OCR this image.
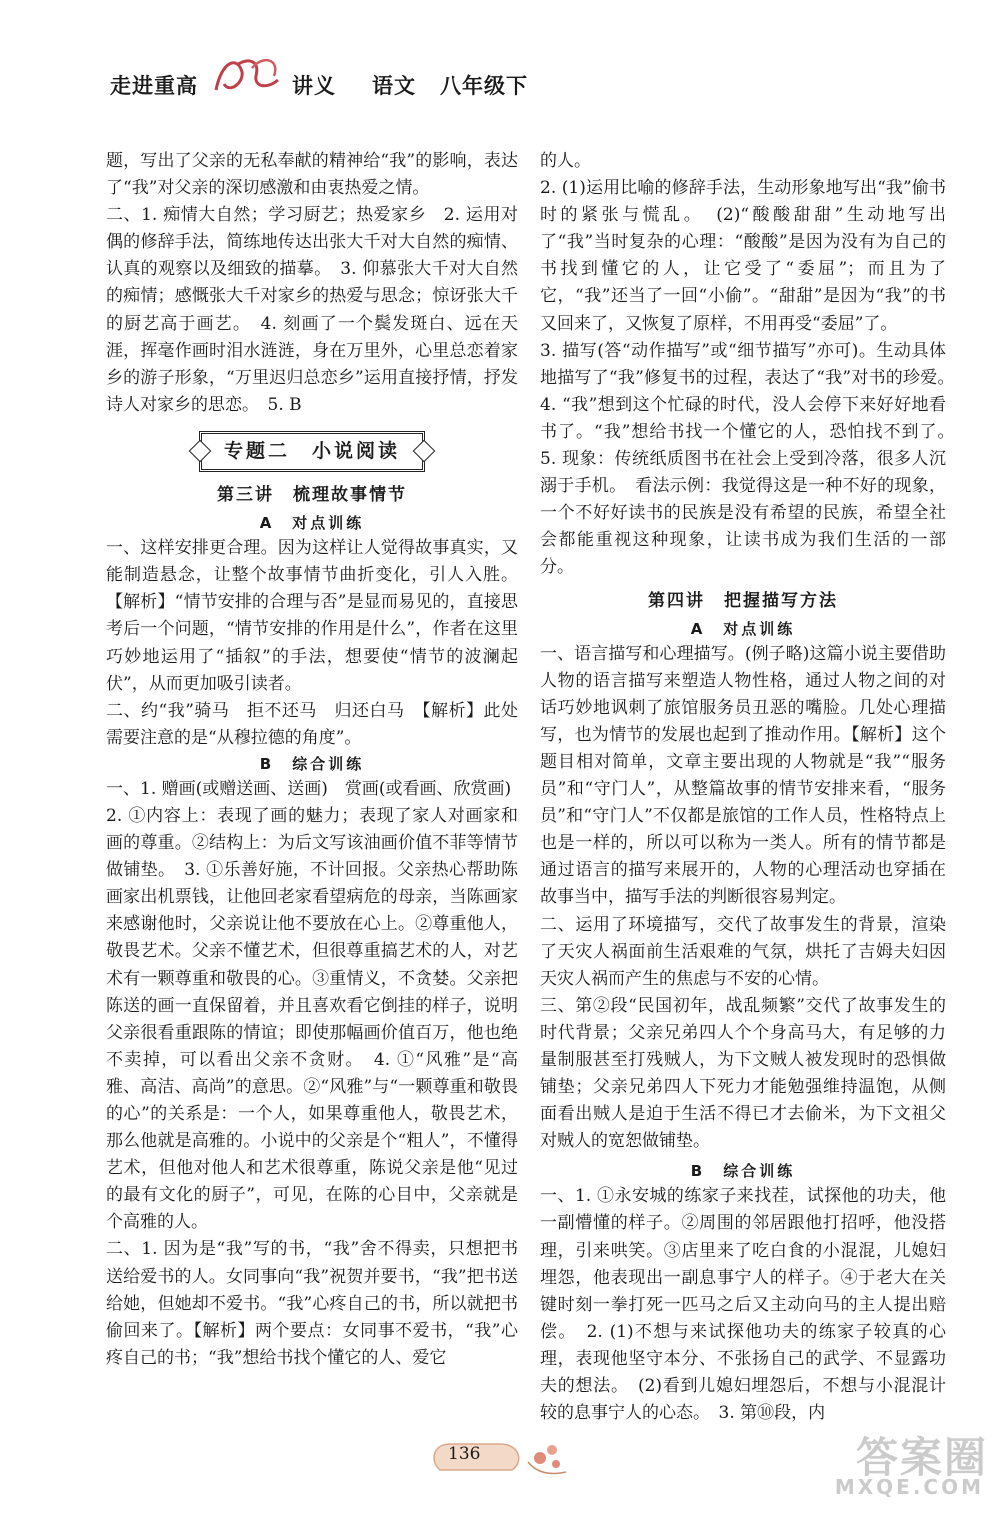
走进重高	讲义 语文 八年级下

题，写出了父亲的无私奉献的精神给“我”的影响，表达了“我”对父亲的深切感激和由衷热爱之情。

二、1. 痴情大自然；学习厨艺；热爱家乡　2. 运用对偶的修辞手法，简练地传达出张大千对大自然的痴情、认真的观察以及细致的描摹。　3. 仰慕张大千对大自然的痴情；感慨张大千对家乡的热爱与思念；惊讶张大千的厨艺高于画艺。　4. 刻画了一个鬓发斑白、远在天涯，挥毫作画时泪水涟涟，身在万里外，心里总恋着家乡的游子形象，“万里迟归总恋乡”运用直接抒情，抒发诗人对家乡的思恋。　5. B

专题二　小说阅读
第三讲　梳理故事情节
A　对点训练

一、这样安排更合理。因为这样让人觉得故事真实，又能制造悬念，让整个故事情节曲折变化，引人入胜。【解析】“情节安排的合理与否”是显而易见的，直接思考后一个问题，“情节安排的作用是什么”，作者在这里巧妙地运用了“插叙”的手法，想要使“情节的波澜起伏”，从而更加吸引读者。

二、约“我”骑马　拒不还马　归还白马　【解析】此处需要注意的是“从穆拉德的角度”。

B　综合训练

一、1. 赠画(或赠送画、送画)　赏画(或看画、欣赏画)

2. ①内容上：表现了画的魅力；表现了家人对画家和画的尊重。②结构上：为后文写该油画价值不菲等情节做铺垫。　3. ①乐善好施，不计回报。父亲热心帮助陈画家出机票钱，让他回老家看望病危的母亲，当陈画家来感谢他时，父亲说让他不要放在心上。②尊重他人，敬畏艺术。父亲不懂艺术，但很尊重搞艺术的人，对艺术有一颗尊重和敬畏的心。③重情义，不贪婪。父亲把陈送的画一直保留着，并且喜欢看它倒挂的样子，说明父亲很看重跟陈的情谊；即使那幅画价值百万，他也绝不卖掉，可以看出父亲不贪财。　4. ①“风雅”是“高雅、高洁、高尚”的意思。②“风雅”与“一颗尊重和敬畏的心”的关系是：一个人，如果尊重他人，敬畏艺术，那么他就是高雅的。小说中的父亲是个“粗人”，不懂得艺术，但他对他人和艺术很尊重，陈说父亲是他“见过的最有文化的厨子”，可见，在陈的心目中，父亲就是个高雅的人。

二、1. 因为是“我”写的书，“我”舍不得卖，只想把书送给爱书的人。女同事向“我”祝贺并要书，“我”把书送给她，但她却不爱书。“我”心疼自己的书，所以就把书偷回来了。【解析】两个要点：女同事不爱书，“我”心疼自己的书；“我”想给书找个懂它的人、爱它

的人。

2. (1)运用比喻的修辞手法，生动形象地写出“我”偷书时的紧张与慌乱。　(2)“酸酸甜甜”生动地写出了“我”当时复杂的心理：“酸酸”是因为没有为自己的书找到懂它的人，让它受了“委屈”；而且为了它，“我”还当了一回“小偷”。“甜甜”是因为“我”的书又回来了，又恢复了原样，不用再受“委屈”了。

3. 描写(答“动作描写”或“细节描写”亦可)。生动具体地描写了“我”修复书的过程，表达了“我”对书的珍爱。　4. “我”想到这个忙碌的时代，没人会停下来好好地看书了。“我”想给书找一个懂它的人，恐怕找不到了。　5. 现象：传统纸质图书在社会上受到冷落，很多人沉溺于手机。　看法示例：我觉得这是一种不好的现象，一个不好好读书的民族是没有希望的民族，希望全社会都能重视这种现象，让读书成为我们生活的一部分。

第四讲　把握描写方法
A　对点训练

一、语言描写和心理描写。(例子略)这篇小说主要借助人物的语言描写来塑造人物性格，通过人物之间的对话巧妙地讽刺了旅馆服务员丑恶的嘴脸。几处心理描写，也为情节的发展也起到了推动作用。【解析】这个题目相对简单，文章主要出现的人物就是“我”“服务员”和“守门人”，从整篇故事的情节安排来看，“服务员”和“守门人”不仅都是旅馆的工作人员，性格特点上也是一样的，所以可以称为一类人。所有的情节都是通过语言的描写来展开的，人物的心理活动也穿插在故事当中，描写手法的判断很容易判定。

二、运用了环境描写，交代了故事发生的背景，渲染了天灾人祸面前生活艰难的气氛，烘托了吉姆夫妇因天灾人祸而产生的焦虑与不安的心情。

三、第②段“民国初年，战乱频繁”交代了故事发生的时代背景；父亲兄弟四人个个身高马大，有足够的力量制服甚至打残贼人，为下文贼人被发现时的恐惧做铺垫；父亲兄弟四人下死力才能勉强维持温饱，从侧面看出贼人是迫于生活不得已才去偷米，为下文祖父对贼人的宽恕做铺垫。

B　综合训练

一、1. ①永安城的练家子来找茬，试探他的功夫，他一副懵懂的样子。②周围的邻居跟他打招呼，他没搭理，引来哄笑。③店里来了吃白食的小混混，儿媳妇埋怨，他表现出一副息事宁人的样子。④于老大在关键时刻一拳打死一匹马之后又主动向马的主人提出赔偿。　2. (1)不想与来试探他功夫的练家子较真的心理，表现他坚守本分、不张扬自己的武学、不显露功夫的想法。　(2)看到儿媳妇埋怨后，不想与小混混计较的息事宁人的心态。　3. 第⑩段，内

136	答案圈
MXQE.COM
